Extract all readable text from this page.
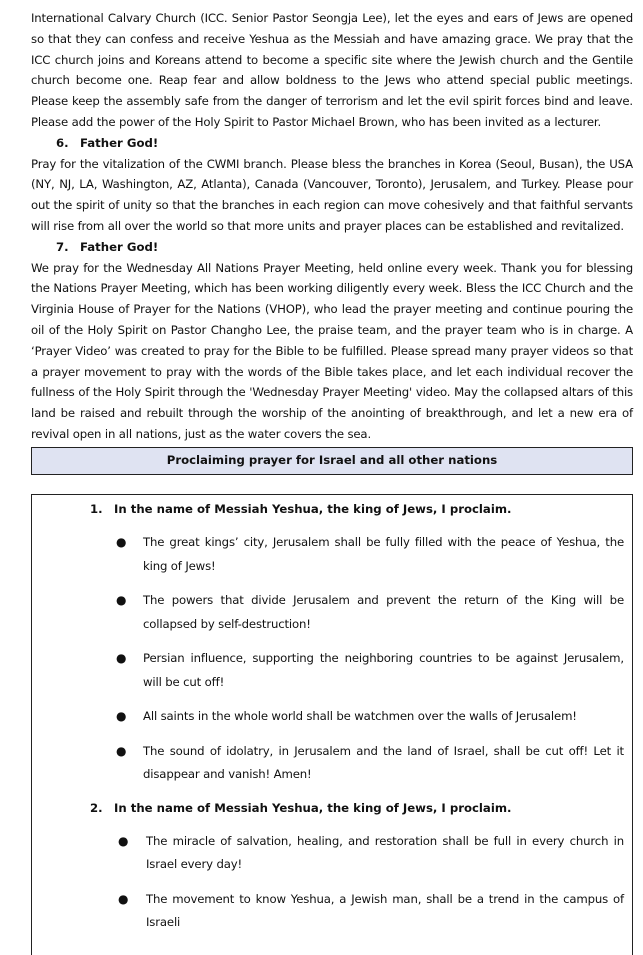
International Calvary Church (ICC. Senior Pastor Seongja Lee), let the eyes and ears of Jews are opened so that they can confess and receive Yeshua as the Messiah and have amazing grace. We pray that the ICC church joins and Koreans attend to become a specific site where the Jewish church and the Gentile church become one. Reap fear and allow boldness to the Jews who attend special public meetings. Please keep the assembly safe from the danger of terrorism and let the evil spirit forces bind and leave. Please add the power of the Holy Spirit to Pastor Michael Brown, who has been invited as a lecturer.

6. Father God!

Pray for the vitalization of the CWMI branch. Please bless the branches in Korea (Seoul, Busan), the USA (NY, NJ, LA, Washington, AZ, Atlanta), Canada (Vancouver, Toronto), Jerusalem, and Turkey. Please pour out the spirit of unity so that the branches in each region can move cohesively and that faithful servants will rise from all over the world so that more units and prayer places can be established and revitalized.

7. Father God!

We pray for the Wednesday All Nations Prayer Meeting, held online every week. Thank you for blessing the Nations Prayer Meeting, which has been working diligently every week. Bless the ICC Church and the Virginia House of Prayer for the Nations (VHOP), who lead the prayer meeting and continue pouring the oil of the Holy Spirit on Pastor Changho Lee, the praise team, and the prayer team who is in charge. A ‘Prayer Video’ was created to pray for the Bible to be fulfilled. Please spread many prayer videos so that a prayer movement to pray with the words of the Bible takes place, and let each individual recover the fullness of the Holy Spirit through the 'Wednesday Prayer Meeting' video. May the collapsed altars of this land be raised and rebuilt through the worship of the anointing of breakthrough, and let a new era of revival open in all nations, just as the water covers the sea.

Proclaiming prayer for Israel and all other nations

1. In the name of Messiah Yeshua, the king of Jews, I proclaim.

● The great kings’ city, Jerusalem shall be fully filled with the peace of Yeshua, the king of Jews!
● The powers that divide Jerusalem and prevent the return of the King will be collapsed by self-destruction!
● Persian influence, supporting the neighboring countries to be against Jerusalem, will be cut off!
● All saints in the whole world shall be watchmen over the walls of Jerusalem!
● The sound of idolatry, in Jerusalem and the land of Israel, shall be cut off! Let it disappear and vanish! Amen!

2. In the name of Messiah Yeshua, the king of Jews, I proclaim.

● The miracle of salvation, healing, and restoration shall be full in every church in Israel every day!
● The movement to know Yeshua, a Jewish man, shall be a trend in the campus of Israeli
